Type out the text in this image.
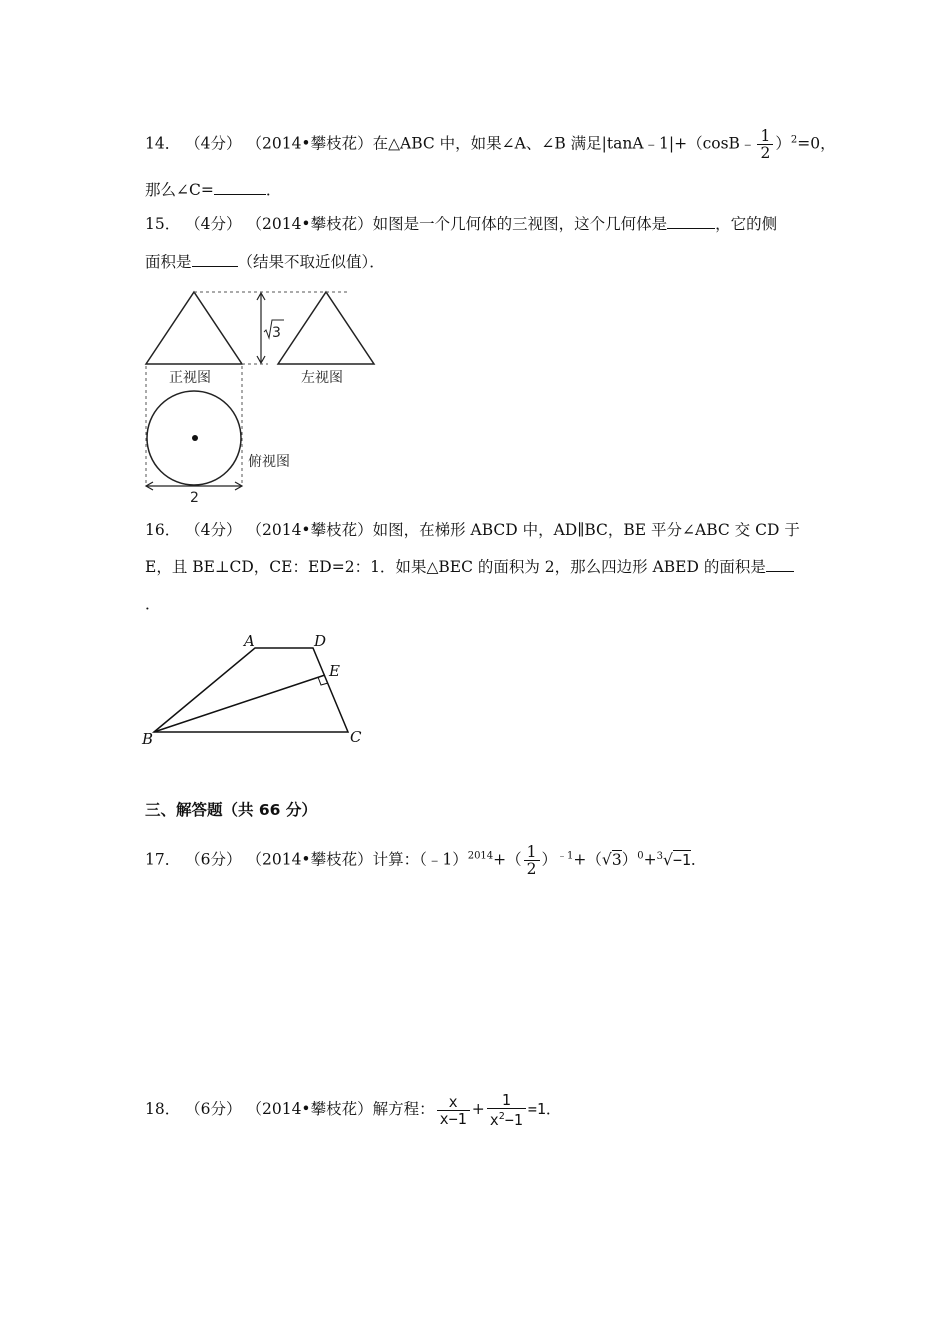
14． （4分） （2014•攀枝花）在△ABC 中，如果∠A、∠B 满足|tanA﹣1|+（cosB﹣ $\frac{1}{2} )^2=0$，
那么∠C=	．
15． （4分） （2014•攀枝花）如图是一个几何体的三视图，这个几何体是	，它的侧
面积是	（结果不取近似值）．
3
正视图	左视图
俯视图
2
16． （4分） （2014•攀枝花）如图，在梯形 ABCD 中，AD∥BC，BE 平分∠ABC 交 CD 于
E，且 BE⊥CD，CE：ED=2：1．如果△BEC 的面积为 2，那么四边形 ABED 的面积是
．
A	D
E
B	C
三、解答题（共 66 分）
17． （6分） （2014•攀枝花）计算：（﹣1）$^{2014}$+（ $\frac{1}{2} )^{﹣1}+(√3)^0+^3√-1$．
18． （6分） （2014•攀枝花）解方程： $\frac{x}{x-1} + \frac{1}{x^2-1} =1$．
